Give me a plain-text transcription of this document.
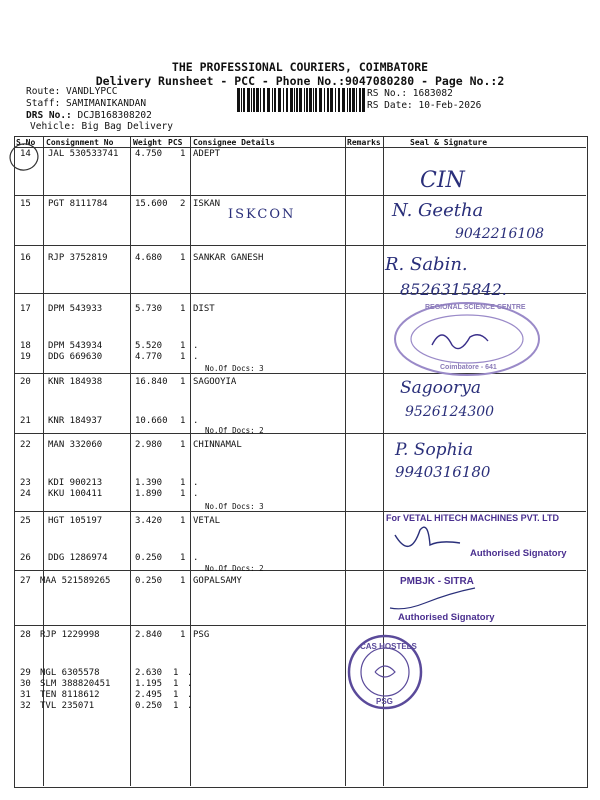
THE PROFESSIONAL COURIERS, COIMBATORE
Delivery Runsheet - PCC - Phone No.:9047080280 - Page No.:2
Route: VANDLYPCC
Staff: SAMIMANIKANDAN
DRS No.: DCJB168308202
Vehicle: Big Bag Delivery
RS No.: 1683082
RS Date: 10-Feb-2026
S.No Consignment No Weight PCS Consignee Details	Remarks	Seal & Signature
14 JAL 530533741 4.750 1 ADEPT
15 PGT 8111784	15.600 2 ISKAN
16 RJP 3752819	4.680 1 SANKAR GANESH
17 DPM 543933	5.730 1 DIST
18 DPM 543934	5.520 1 .
19 DDG 669630	4.770 1 .
No.Of Docs: 3
20 KNR 184938	16.840 1 SAGOOYIA
21 KNR 184937	10.660 1 .
No.Of Docs: 2
22 MAN 332060	2.980 1 CHINNAMAL
23 KDI 900213	1.390 1 .
24 KKU 100411	1.890 1 .
No.Of Docs: 3
25 HGT 105197	3.420 1 VETAL
26 DDG 1286974	0.250 1 .
No.Of Docs: 2
27 MAA 521589265	0.250 1 GOPALSAMY
28 RJP 1229998	2.840 1 PSG
29 NGL 6305578	2.630 1 .
30 SLM 388820451	1.195 1 .
31 TEN 8118612	2.495 1 .
32 TVL 235071	0.250 1 .
ISKCON
CIN
N. Geetha
9042216108
R. Sabin.
8526315842.
Sagoorya
9526124300
P. Sophia
9940316180
REGIONAL SCIENCE CENTRE
Coimbatore - 641
For VETAL HITECH MACHINES PVT. LTD
Authorised Signatory
PMBJK - SITRA
Authorised Signatory
CAS HOSTELS
PSG
